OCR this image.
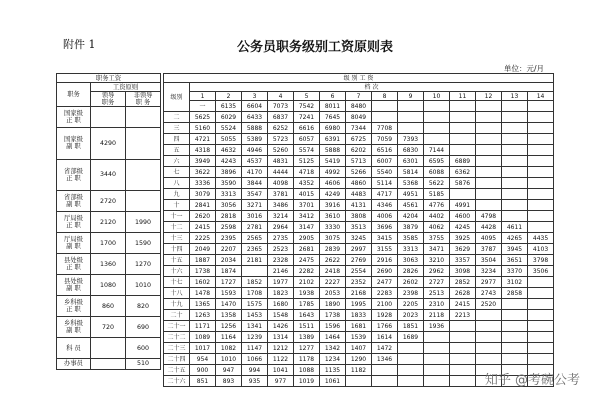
附件 1	公务员职务级别工资原则表
单位：元/月
职务工资		
职务	工资原则	
	领导
职务	非领导
职 务

国家级
正 职		
国家级
副 职	4290	
省部级
正 职	3440	
省部级
副 职	2720	
厅局级
正 职	2120	1990
厅局级
副 职	1700	1590
县处级
正 职	1360	1270
县处级
副 职	1080	1010
乡科级
正 职	860	820
乡科级
副 职	720	690
科 员		600
办事员		510
级 别 工 资															
级别	档 次														
	1	2	3	4	5	6	7	8	9	10	11	12	13	14	
	一	6135	6604	7073	7542	8011	8480								
二	5625	6029	6433	6837	7241	7645	8049								
三	5160	5524	5888	6252	6616	6980	7344	7708							
四	4721	5055	5389	5723	6057	6391	6725	7059	7393						
五	4318	4632	4946	5260	5574	5888	6202	6516	6830	7144					
六	3949	4243	4537	4831	5125	5419	5713	6007	6301	6595	6889				
七	3622	3896	4170	4444	4718	4992	5266	5540	5814	6088	6362				
八	3336	3590	3844	4098	4352	4606	4860	5114	5368	5622	5876				
九	3079	3313	3547	3781	4015	4249	4483	4717	4951	5185					
十	2841	3056	3271	3486	3701	3916	4131	4346	4561	4776	4991				
十一	2620	2818	3016	3214	3412	3610	3808	4006	4204	4402	4600	4798			
十二	2415	2598	2781	2964	3147	3330	3513	3696	3879	4062	4245	4428	4611		
十三	2225	2395	2565	2735	2905	3075	3245	3415	3585	3755	3925	4095	4265	4435	
十四	2049	2207	2365	2523	2681	2839	2997	3155	3313	3471	3629	3787	3945	4103	
十五	1887	2034	2181	2328	2475	2622	2769	2916	3063	3210	3357	3504	3651	3798	
十六	1738	1874		2146	2282	2418	2554	2690	2826	2962	3098	3234	3370	3506	
十七	1602	1727	1852	1977	2102	2227	2352	2477	2602	2727	2852	2977	3102		
十八	1478	1593	1708	1823	1938	2053	2168	2283	2398	2513	2628	2743	2858		
十九	1365	1470	1575	1680	1785	1890	1995	2100	2205	2310	2415	2520			
二十	1263	1358	1453	1548	1643	1738	1833	1928	2023	2118	2213				
二十一	1171	1256	1341	1426	1511	1596	1681	1766	1851	1936					
二十二	1089	1164	1239	1314	1389	1464	1539	1614	1689						
二十三	1017	1082	1147	1212	1277	1342	1407	1472							
二十四	954	1010	1066	1122	1178	1234	1290	1346							
二十五	900	947	994	1041	1088	1135	1182								
二十六	851	893	935	977	1019	1061										知乎 @考碗公考
